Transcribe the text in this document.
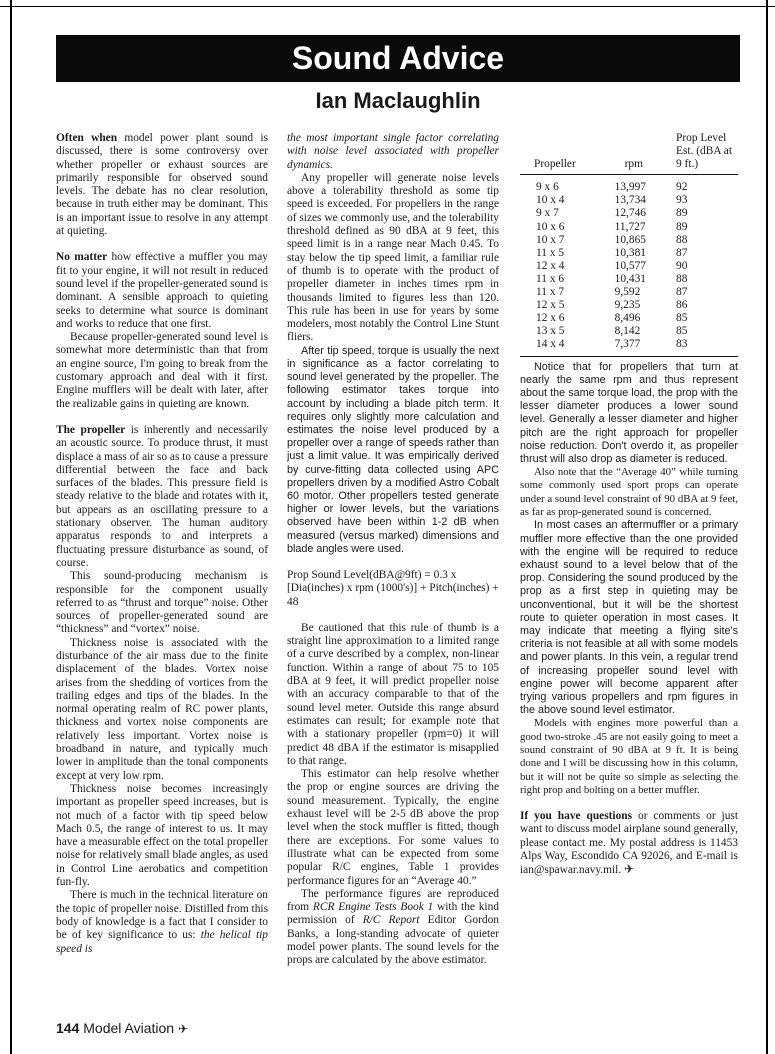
Sound Advice
Ian Maclaughlin

Often when model power plant sound is discussed, there is some controversy over whether propeller or exhaust sources are primarily responsible for observed sound levels. The debate has no clear resolution, because in truth either may be dominant. This is an important issue to resolve in any attempt at quieting.

No matter how effective a muffler you may fit to your engine, it will not result in reduced sound level if the propeller-generated sound is dominant. A sensible approach to quieting seeks to determine what source is dominant and works to reduce that one first.

Because propeller-generated sound level is somewhat more deterministic than that from an engine source, I'm going to break from the customary approach and deal with it first. Engine mufflers will be dealt with later, after the realizable gains in quieting are known.

The propeller is inherently and necessarily an acoustic source. To produce thrust, it must displace a mass of air so as to cause a pressure differential between the face and back surfaces of the blades. This pressure field is steady relative to the blade and rotates with it, but appears as an oscillating pressure to a stationary observer. The human auditory apparatus responds to and interprets a fluctuating pressure disturbance as sound, of course.

This sound-producing mechanism is responsible for the component usually referred to as “thrust and torque” noise. Other sources of propeller-generated sound are “thickness” and “vortex” noise.

Thickness noise is associated with the disturbance of the air mass due to the finite displacement of the blades. Vortex noise arises from the shedding of vortices from the trailing edges and tips of the blades. In the normal operating realm of RC power plants, thickness and vortex noise components are relatively less important. Vortex noise is broadband in nature, and typically much lower in amplitude than the tonal components except at very low rpm.

Thickness noise becomes increasingly important as propeller speed increases, but is not much of a factor with tip speed below Mach 0.5, the range of interest to us. It may have a measurable effect on the total propeller noise for relatively small blade angles, as used in Control Line aerobatics and competition fun-fly.

There is much in the technical literature on the topic of propeller noise. Distilled from this body of knowledge is a fact that I consider to be of key significance to us: the helical tip speed is

the most important single factor correlating with noise level associated with propeller dynamics.

Any propeller will generate noise levels above a tolerability threshold as some tip speed is exceeded. For propellers in the range of sizes we commonly use, and the tolerability threshold defined as 90 dBA at 9 feet, this speed limit is in a range near Mach 0.45. To stay below the tip speed limit, a familiar rule of thumb is to operate with the product of propeller diameter in inches times rpm in thousands limited to figures less than 120. This rule has been in use for years by some modelers, most notably the Control Line Stunt fliers.

After tip speed, torque is usually the next in significance as a factor correlating to sound level generated by the propeller. The following estimator takes torque into account by including a blade pitch term. It requires only slightly more calculation and estimates the noise level produced by a propeller over a range of speeds rather than just a limit value. It was empirically derived by curve-fitting data collected using APC propellers driven by a modified Astro Cobalt 60 motor. Other propellers tested generate higher or lower levels, but the variations observed have been within 1-2 dB when measured (versus marked) dimensions and blade angles were used.

Prop Sound Level(dBA@9ft) = 0.3 x [Dia(inches) x rpm (1000's)] + Pitch(inches) + 48

Be cautioned that this rule of thumb is a straight line approximation to a limited range of a curve described by a complex, non-linear function. Within a range of about 75 to 105 dBA at 9 feet, it will predict propeller noise with an accuracy comparable to that of the sound level meter. Outside this range absurd estimates can result; for example note that with a stationary propeller (rpm=0) it will predict 48 dBA if the estimator is misapplied to that range.

This estimator can help resolve whether the prop or engine sources are driving the sound measurement. Typically, the engine exhaust level will be 2-5 dB above the prop level when the stock muffler is fitted, though there are exceptions. For some values to illustrate what can be expected from some popular R/C engines, Table 1 provides performance figures for an “Average 40.”

The performance figures are reproduced from RCR Engine Tests Book 1 with the kind permission of R/C Report Editor Gordon Banks, a long-standing advocate of quieter model power plants. The sound levels for the props are calculated by the above estimator.

Propeller	rpm	Prop Level Est. (dBA at 9 ft.)
9 x 6	13,997	92
10 x 4	13,734	93
9 x 7	12,746	89
10 x 6	11,727	89
10 x 7	10,865	88
11 x 5	10,381	87
12 x 4	10,577	90
11 x 6	10,431	88
11 x 7	9,592	87
12 x 5	9,235	86
12 x 6	8,496	85
13 x 5	8,142	85
14 x 4	7,377	83

Notice that for propellers that turn at nearly the same rpm and thus represent about the same torque load, the prop with the lesser diameter produces a lower sound level. Generally a lesser diameter and higher pitch are the right approach for propeller noise reduction. Don't overdo it, as propeller thrust will also drop as diameter is reduced.

Also note that the “Average 40” while turning some commonly used sport props can operate under a sound level constraint of 90 dBA at 9 feet, as far as prop-generated sound is concerned.

In most cases an aftermuffler or a primary muffler more effective than the one provided with the engine will be required to reduce exhaust sound to a level below that of the prop. Considering the sound produced by the prop as a first step in quieting may be unconventional, but it will be the shortest route to quieter operation in most cases. It may indicate that meeting a flying site's criteria is not feasible at all with some models and power plants. In this vein, a regular trend of increasing propeller sound level with engine power will become apparent after trying various propellers and rpm figures in the above sound level estimator.

Models with engines more powerful than a good two-stroke .45 are not easily going to meet a sound constraint of 90 dBA at 9 ft. It is being done and I will be discussing how in this column, but it will not be quite so simple as selecting the right prop and bolting on a better muffler.

If you have questions or comments or just want to discuss model airplane sound generally, please contact me. My postal address is 11453 Alps Way, Escondido CA 92026, and E-mail is ian@spawar.navy.mil. ✈

144 Model Aviation ✈
